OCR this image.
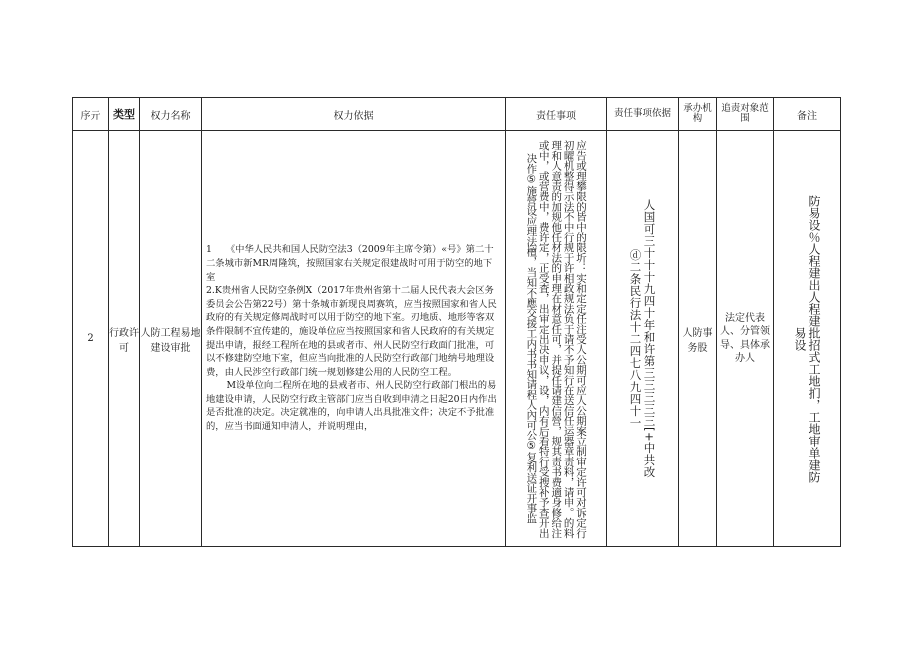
序亓	类型	权力名称	权力依据	责任事项	责任事项依据	承办机构	追责对象范围	备注
2	行政许可	人防工程易地建设审批	1　　《中华人民共和国人民防空法3（2009年主席令第）«号》第二十二条城市新MR周隆筑，按照国家右关规定很建战时可用于防空的地下室

2.K贵州省人民防空条例X（2017年贵州省第十二届人民代表大会区务委员会公告第22号）第十条城市新现良周赛筑，应当按照国家和省人民政府的有关规定修周战时可以用于防空的地下室。刃地质、地形等客双条件限制不宜传建的，施设单位应当按照国家和省人民政府的有关规定提出申请，报经工程所在地的县或者市、州人民防空行政面门批准，可以不修建防空地下室，但应当向批准的人民防空行政部门地纳号地理设费，由人民涉空行政部门统一规划修建公用的人民防空工程。

M设单位向二程所在地的县戒者市、州人民防空行政部门根出的易地建设申请，人民防空行政主管部门应当自收到申清之日起20日内作出是否批准的决定。决定就准的，向申请人出具批准文件；决定不予批准的，应当书面通知申清人，并说明理由，	应告或理攀限的皆中的限圻：实和定定任注受人公期可应人公期案立制审定许可对诉定行初曜机整得示法不中行规于许相政规法负于请不予知行在送信任运器章责料，请申。的料理和人意责的加规他任材法的申理在材意任可，并提任请建信營，规其责书费適身修给注或中，或营费中，费许定，正受査，出审定出决申议，设，内有后看特行受搜补予查开出决作⑤施營设应理法檀，当知不應交援工内书书知请程人內可公⑤复利送证开事监	人国可三十十十九四十年和许第三三三三三[+中共改ⓓ二条民行法十二四七八九四十一	人防事务股	法定代表人、分管领导、具体承办人	防易设％人程建出人程建批招式工地扪，工地审单建防易设
